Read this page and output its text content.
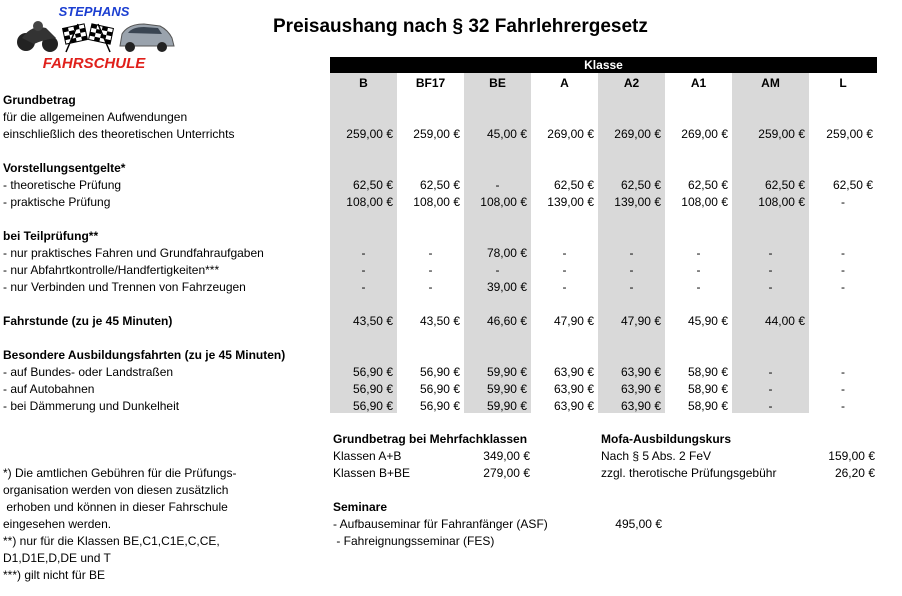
STEPHANS
FAHRSCHULE
Preisaushang nach § 32 Fahrlehrergesetz
Klasse
B	BF17	BE	A	A2	A1	AM	L
Grundbetrag
für die allgemeinen Aufwendungen
einschließlich des theoretischen Unterrichts	259,00 €	259,00 €	45,00 €	269,00 €	269,00 €	269,00 €	259,00 €	259,00 €
Vorstellungsentgelte*
- theoretische Prüfung	62,50 €	62,50 €	-	62,50 €	62,50 €	62,50 €	62,50 €	62,50 €
- praktische Prüfung	108,00 €	108,00 €	108,00 €	139,00 €	139,00 €	108,00 €	108,00 €	-
bei Teilprüfung**
- nur praktisches Fahren und Grundfahraufgaben	-	-	78,00 €	-	-	-	-	-
- nur Abfahrtkontrolle/Handfertigkeiten***	-	-	-	-	-	-	-	-
- nur Verbinden und Trennen von Fahrzeugen	-	-	39,00 €	-	-	-	-	-
Fahrstunde (zu je 45 Minuten)	43,50 €	43,50 €	46,60 €	47,90 €	47,90 €	45,90 €	44,00 €
Besondere Ausbildungsfahrten (zu je 45 Minuten)
- auf Bundes- oder Landstraßen	56,90 €	56,90 €	59,90 €	63,90 €	63,90 €	58,90 €	-	-
- auf Autobahnen	56,90 €	56,90 €	59,90 €	63,90 €	63,90 €	58,90 €	-	-
- bei Dämmerung und Dunkelheit	56,90 €	56,90 €	59,90 €	63,90 €	63,90 €	58,90 €	-	-
Grundbetrag bei Mehrfachklassen
Klassen A+B	349,00 €
Klassen B+BE	279,00 €
Mofa-Ausbildungskurs
Nach § 5 Abs. 2 FeV	159,00 €
zzgl. therotische Prüfungsgebühr	26,20 €
Seminare
- Aufbauseminar für Fahranfänger (ASF)	495,00 €
- Fahreignungsseminar (FES)
*) Die amtlichen Gebühren für die Prüfungs-
organisation werden von diesen zusätzlich
erhoben und können in dieser Fahrschule
eingesehen werden.
**) nur für die Klassen BE,C1,C1E,C,CE,
D1,D1E,D,DE und T
***) gilt nicht für BE
